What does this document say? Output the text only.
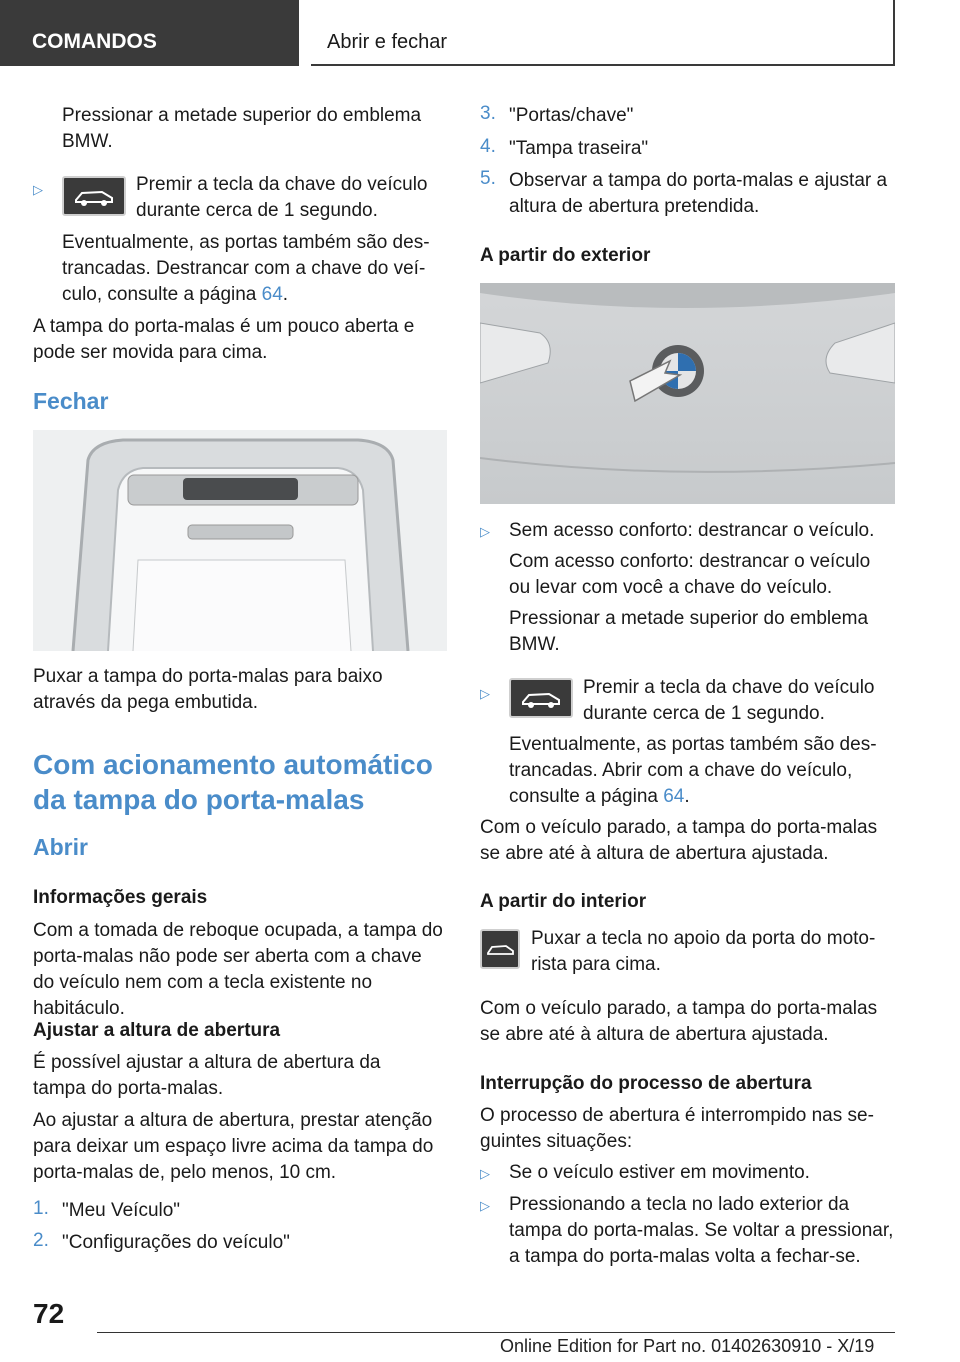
COMANDOS	Abrir e fechar

Pressionar a metade superior do emblema BMW.

▷	Premir a tecla da chave do veículo durante cerca de 1 segundo.

Eventualmente, as portas também são destrancadas. Destrancar com a chave do veículo, consulte a página 64.

A tampa do porta-malas é um pouco aberta e pode ser movida para cima.

Fechar

Puxar a tampa do porta-malas para baixo através da pega embutida.

Com acionamento automático da tampa do porta-malas
Abrir
Informações gerais

Com a tomada de reboque ocupada, a tampa do porta-malas não pode ser aberta com a chave do veículo nem com a tecla existente no habitáculo.

Ajustar a altura de abertura

É possível ajustar a altura de abertura da tampa do porta-malas.

Ao ajustar a altura de abertura, prestar atenção para deixar um espaço livre acima da tampa do porta-malas de, pelo menos, 10 cm.

1. "Meu Veículo"
2. "Configurações do veículo"
3. "Portas/chave"
4. "Tampa traseira"
5. Observar a tampa do porta-malas e ajustar a altura de abertura pretendida.

A partir do exterior
▷ Sem acesso conforto: destrancar o veículo.

Com acesso conforto: destrancar o veículo ou levar com você a chave do veículo.

Pressionar a metade superior do emblema BMW.

▷	Premir a tecla da chave do veículo durante cerca de 1 segundo.

Eventualmente, as portas também são destrancadas. Abrir com a chave do veículo, consulte a página 64.

Com o veículo parado, a tampa do porta-malas se abre até à altura de abertura ajustada.

A partir do interior

Puxar a tecla no apoio da porta do motorista para cima.

Com o veículo parado, a tampa do porta-malas se abre até à altura de abertura ajustada.

Interrupção do processo de abertura

O processo de abertura é interrompido nas seguintes situações:

▷ Se o veículo estiver em movimento.

▷ Pressionando a tecla no lado exterior da tampa do porta-malas. Se voltar a pressionar, a tampa do porta-malas volta a fechar-se.

72
Online Edition for Part no. 01402630910 - X/19
